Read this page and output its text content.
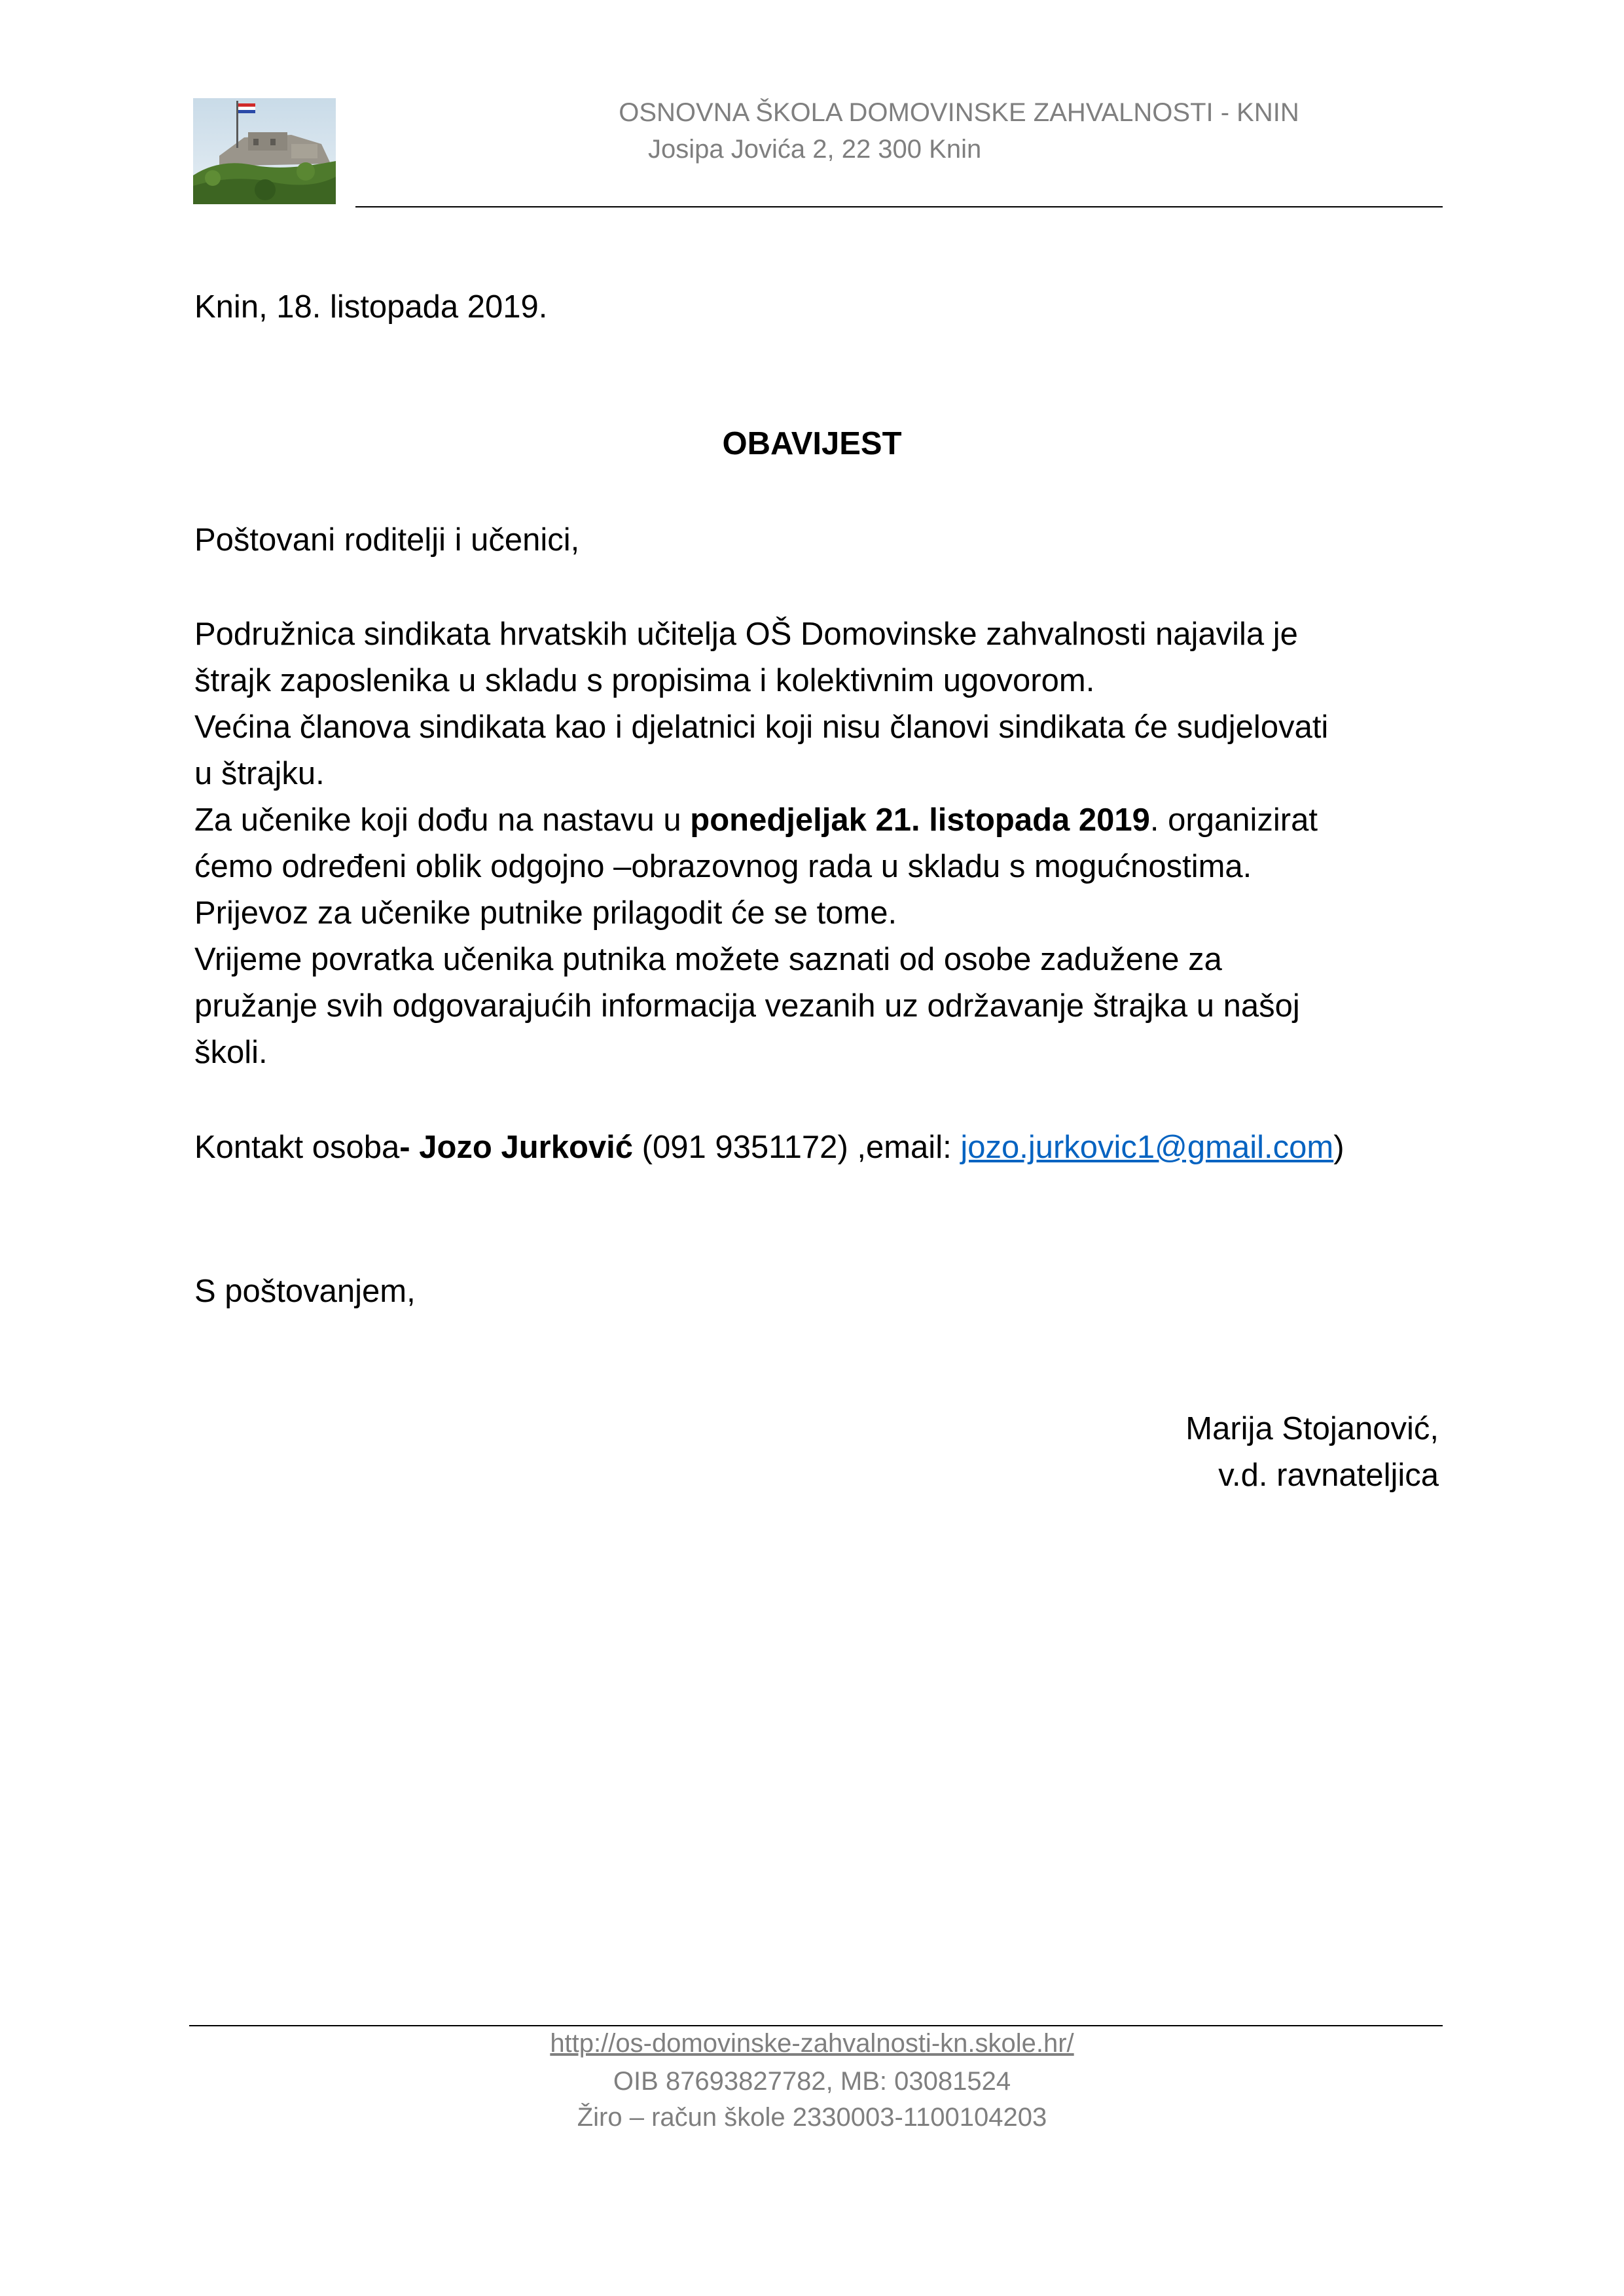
OSNOVNA ŠKOLA DOMOVINSKE ZAHVALNOSTI - KNIN
Josipa Jovića 2, 22 300 Knin
Knin, 18. listopada 2019.
OBAVIJEST
Poštovani roditelji i učenici,
Podružnica sindikata hrvatskih učitelja OŠ Domovinske zahvalnosti najavila je
štrajk zaposlenika u skladu s propisima i kolektivnim ugovorom.
Većina članova sindikata kao i djelatnici koji nisu članovi sindikata će sudjelovati
u štrajku.
Za učenike koji dođu na nastavu u ponedjeljak 21. listopada 2019. organizirat
ćemo određeni oblik odgojno –obrazovnog rada u skladu s mogućnostima.
Prijevoz za učenike putnike prilagodit će se tome.
Vrijeme povratka učenika putnika možete saznati od osobe zadužene za
pružanje svih odgovarajućih informacija vezanih uz održavanje štrajka u našoj
školi.
Kontakt osoba- Jozo Jurković (091 9351172) ,email: jozo.jurkovic1@gmail.com)
S poštovanjem,
Marija Stojanović,
v.d. ravnateljica
http://os-domovinske-zahvalnosti-kn.skole.hr/
OIB 87693827782, MB: 03081524
Žiro – račun škole 2330003-1100104203
